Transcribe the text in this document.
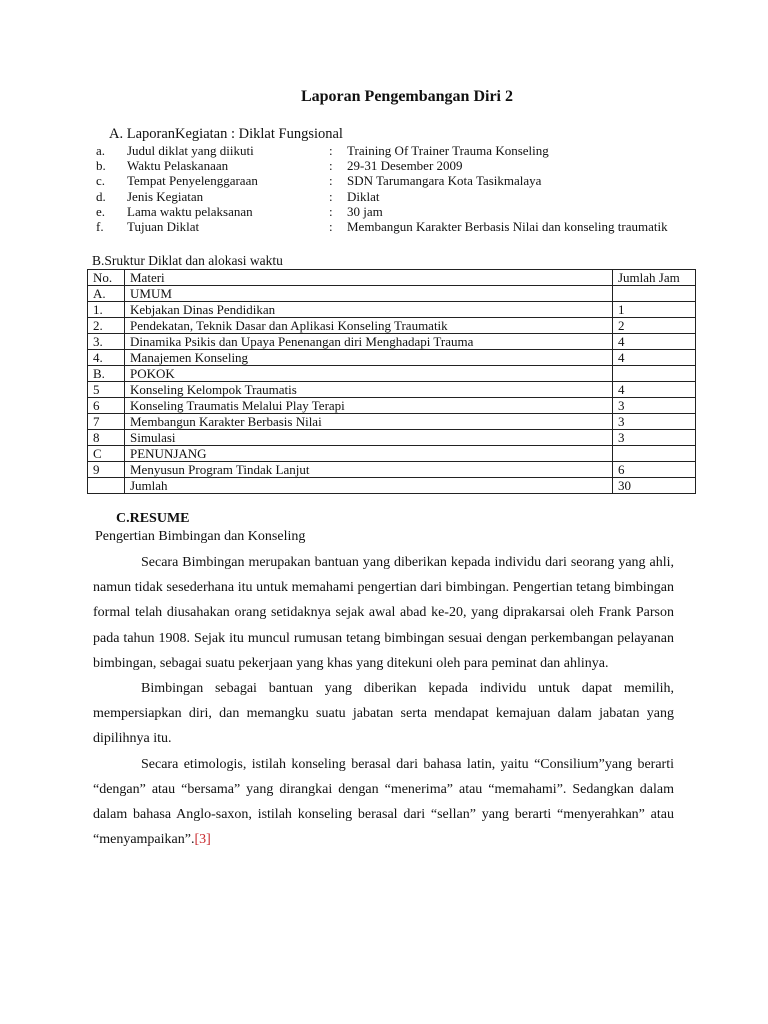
Laporan Pengembangan Diri 2
A. LaporanKegiatan : Diklat Fungsional
a.	Judul diklat yang diikuti	:	Training Of Trainer Trauma Konseling
b.	Waktu Pelaskanaan	:	29-31 Desember 2009
c.	Tempat Penyelenggaraan	:	SDN Tarumangara Kota Tasikmalaya
d.	Jenis Kegiatan	:	Diklat
e.	Lama waktu pelaksanan	:	30 jam
f.	Tujuan Diklat	:	Membangun Karakter Berbasis Nilai dan konseling traumatik
B.Sruktur Diklat dan alokasi waktu
No.	Materi	Jumlah Jam
A.	UMUM	
1.	Kebjakan Dinas Pendidikan	1
2.	Pendekatan, Teknik Dasar dan Aplikasi Konseling Traumatik	2
3.	Dinamika Psikis dan Upaya Penenangan diri Menghadapi Trauma	4
4.	Manajemen Konseling	4
B.	POKOK	
5	Konseling Kelompok Traumatis	4
6	Konseling Traumatis Melalui Play Terapi	3
7	Membangun Karakter Berbasis Nilai	3
8	Simulasi	3
C	PENUNJANG	
9	Menyusun Program Tindak Lanjut	6
	Jumlah	30
C.RESUME
Pengertian Bimbingan dan Konseling

Secara Bimbingan merupakan bantuan yang diberikan kepada individu dari seorang yang ahli, namun tidak sesederhana itu untuk memahami pengertian dari bimbingan. Pengertian tetang bimbingan formal telah diusahakan orang setidaknya sejak awal abad ke-20, yang diprakarsai oleh Frank Parson pada tahun 1908. Sejak itu muncul rumusan tetang bimbingan sesuai dengan perkembangan pelayanan bimbingan, sebagai suatu pekerjaan yang khas yang ditekuni oleh para peminat dan ahlinya.

Bimbingan sebagai bantuan yang diberikan kepada individu untuk dapat memilih, mempersiapkan diri, dan memangku suatu jabatan serta mendapat kemajuan dalam jabatan yang dipilihnya itu.

Secara etimologis, istilah konseling berasal dari bahasa latin, yaitu “Consilium”yang berarti “dengan” atau “bersama” yang dirangkai dengan “menerima” atau “memahami”. Sedangkan dalam dalam bahasa Anglo-saxon, istilah konseling berasal dari “sellan” yang berarti “menyerahkan” atau “menyampaikan”.[3]
